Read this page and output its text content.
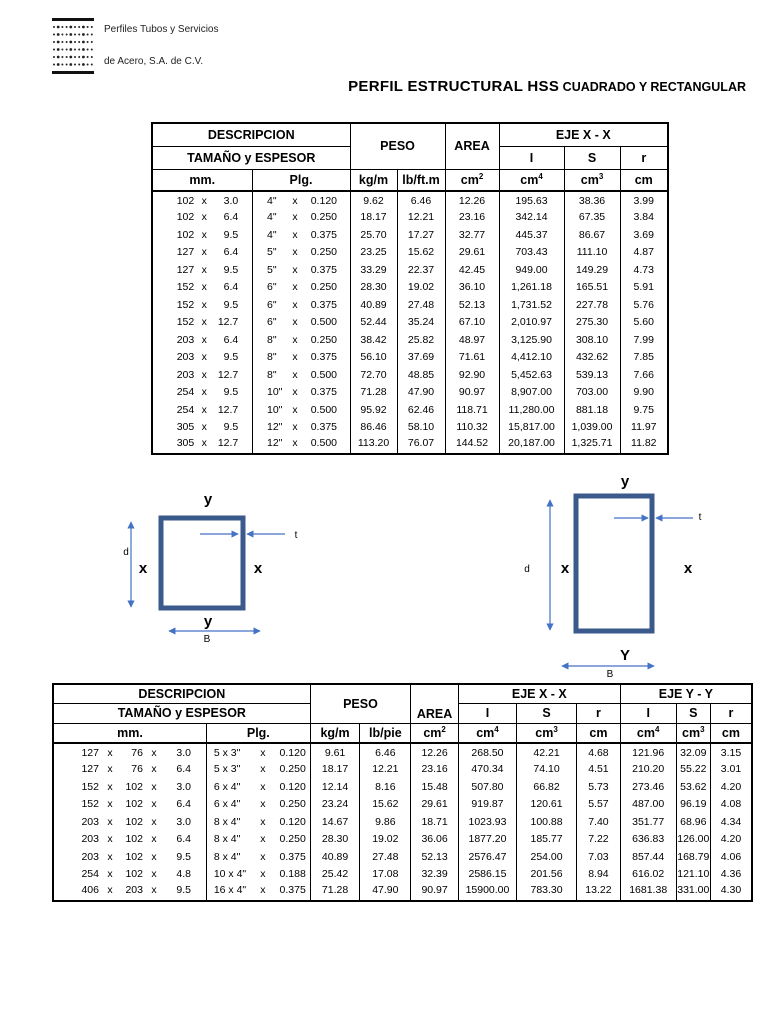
Perfiles Tubos y Servicios
de Acero, S.A. de C.V.
PERFIL ESTRUCTURAL HSS CUADRADO Y RECTANGULAR
DESCRIPCION		PESO		AREA	EJE X - X		
TAMAÑO y ESPESOR					I	S	r
mm.	Plg.	kg/m	lb/ft.m	$cm^2$	$cm^4$	$cm^3$	cm
102 x 3.0	4" x 0.120	9.62	6.46	12.26	195.63	38.36	3.99
102 x 6.4	4" x 0.250	18.17	12.21	23.16	342.14	67.35	3.84
102 x 9.5	4" x 0.375	25.70	17.27	32.77	445.37	86.67	3.69
127 x 6.4	5" x 0.250	23.25	15.62	29.61	703.43	111.10	4.87
127 x 9.5	5" x 0.375	33.29	22.37	42.45	949.00	149.29	4.73
152 x 6.4	6" x 0.250	28.30	19.02	36.10	1,261.18	165.51	5.91
152 x 9.5	6" x 0.375	40.89	27.48	52.13	1,731.52	227.78	5.76
152 x 12.7	6" x 0.500	52.44	35.24	67.10	2,010.97	275.30	5.60
203 x 6.4	8" x 0.250	38.42	25.82	48.97	3,125.90	308.10	7.99
203 x 9.5	8" x 0.375	56.10	37.69	71.61	4,412.10	432.62	7.85
203 x 12.7	8" x 0.500	72.70	48.85	92.90	5,452.63	539.13	7.66
254 x 9.5	10" x 0.375	71.28	47.90	90.97	8,907.00	703.00	9.90
254 x 12.7	10" x 0.500	95.92	62.46	118.71	11,280.00	881.18	9.75
305 x 9.5	12" x 0.375	86.46	58.10	110.32	15,817.00	1,039.00	11.97
305 x 12.7	12" x 0.500	113.20	76.07	144.52	20,187.00	1,325.71	11.82
y
y
x	x
t
d
B
y
Y
x	x
t
d
B
DESCRIPCION		PESO		AREA	EJE X - X			EJE Y - Y		
TAMAÑO y ESPESOR					I	S	r	I	S	r
mm.	Plg.	kg/m	lb/pie	$cm^2$	$cm^4$	$cm^3$	cm	$cm^4$	$cm^3$	cm
127 x 76 x 3.0	5 x 3" x 0.120	9.61	6.46	12.26	268.50	42.21	4.68	121.96	32.09	3.15
127 x 76 x 6.4	5 x 3" x 0.250	18.17	12.21	23.16	470.34	74.10	4.51	210.20	55.22	3.01
152 x 102 x 3.0	6 x 4" x 0.120	12.14	8.16	15.48	507.80	66.82	5.73	273.46	53.62	4.20
152 x 102 x 6.4	6 x 4" x 0.250	23.24	15.62	29.61	919.87	120.61	5.57	487.00	96.19	4.08
203 x 102 x 3.0	8 x 4" x 0.120	14.67	9.86	18.71	1023.93	100.88	7.40	351.77	68.96	4.34
203 x 102 x 6.4	8 x 4" x 0.250	28.30	19.02	36.06	1877.20	185.77	7.22	636.83	126.00	4.20
203 x 102 x 9.5	8 x 4" x 0.375	40.89	27.48	52.13	2576.47	254.00	7.03	857.44	168.79	4.06
254 x 102 x 4.8	10 x 4" x 0.188	25.42	17.08	32.39	2586.15	201.56	8.94	616.02	121.10	4.36
406 x 203 x 9.5	16 x 4" x 0.375	71.28	47.90	90.97	15900.00	783.30	13.22	1681.38	331.00	4.30
